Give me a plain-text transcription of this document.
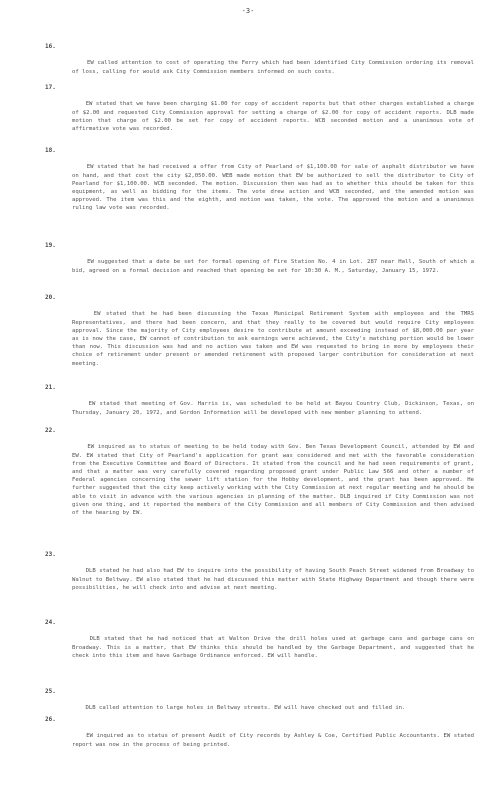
-3-

16.

EW called attention to cost of operating the Ferry which had been identified City Commission ordering its removal of loss, calling for would ask City Commission members informed on such costs.

17.

EW stated that we have been charging $1.00 for copy of accident reports but that other charges established a charge of $2.00 and requested City Commission approval for setting a charge of $2.00 for copy of accident reports. DLB made motion that charge of $2.00 be set for copy of accident reports. WCB seconded motion and a unanimous vote of affirmative vote was recorded.

18.

EW stated that he had received a offer from City of Pearland of $1,100.00 for sale of asphalt distributor we have on hand, and that cost the city $2,050.00. WEB made motion that EW be authorized to sell the distributor to City of Pearland for $1,100.00. WCB seconded. The motion. Discussion then was had as to whether this should be taken for this equipment, as well as bidding for the items. The vote drew action and WCB seconded, and the amended motion was approved. The item was this and the eighth, and motion was taken, the vote. The approved the motion and a unanimous ruling law vote was recorded.

19.

EW suggested that a date be set for formal opening of Fire Station No. 4 in Lot. 287 near Hall, South of which a bid, agreed on a formal decision and reached that opening be set for 10:30 A. M., Saturday, January 15, 1972.

20.

EW stated that he had been discussing the Texas Municipal Retirement System with employees and the TMRS Representatives, and there had been concern, and that they really to be covered but would require City employees approval. Since the majority of City employees desire to contribute at amount exceeding instead of $8,000.00 per year as is now the case, EW cannot of contribution to ask earnings were achieved, the City's matching portion would be lower than now. This discussion was had and no action was taken and EW was requested to bring in more by employees their choice of retirement under present or amended retirement with proposed larger contribution for consideration at next meeting.

21.

EW stated that meeting of Gov. Harris is, was scheduled to be held at Bayou Country Club, Dickinson, Texas, on Thursday, January 20, 1972, and Gordon Information will be developed with new member planning to attend.

22.

EW inquired as to status of meeting to be held today with Gov. Ben Texas Development Council, attended by EW and EW. EW stated that City of Pearland's application for grant was considered and met with the favorable consideration from the Executive Committee and Board of Directors. It stated from the council and he had seen requirements of grant, and that a matter was very carefully covered regarding proposed grant under Public Law 566 and other a number of Federal agencies concerning the sewer lift station for the Hobby development, and the grant has been approved. He further suggested that the city keep actively working with the City Commission at next regular meeting and he should be able to visit in advance with the various agencies in planning of the matter. DLB inquired if City Commission was not given one thing, and it reported the members of the City Commission and all members of City Commission and then advised of the hearing by EW.

23.

DLB stated he had also had EW to inquire into the possibility of having South Peach Street widened from Broadway to Walnut to Beltway. EW also stated that he had discussed this matter with State Highway Department and though there were possibilities, he will check into and advise at next meeting.

24.

DLB stated that he had noticed that at Walton Drive the drill holes used at garbage cans and garbage cans on Broadway. This is a matter, that EW thinks this should be handled by the Garbage Department, and suggested that he check into this item and have Garbage Ordinance enforced. EW will handle.

25.

DLB called attention to large holes in Beltway streets. EW will have checked out and filled in.

26.

EW inquired as to status of present Audit of City records by Ashley & Coe, Certified Public Accountants. EW stated report was now in the process of being printed.
